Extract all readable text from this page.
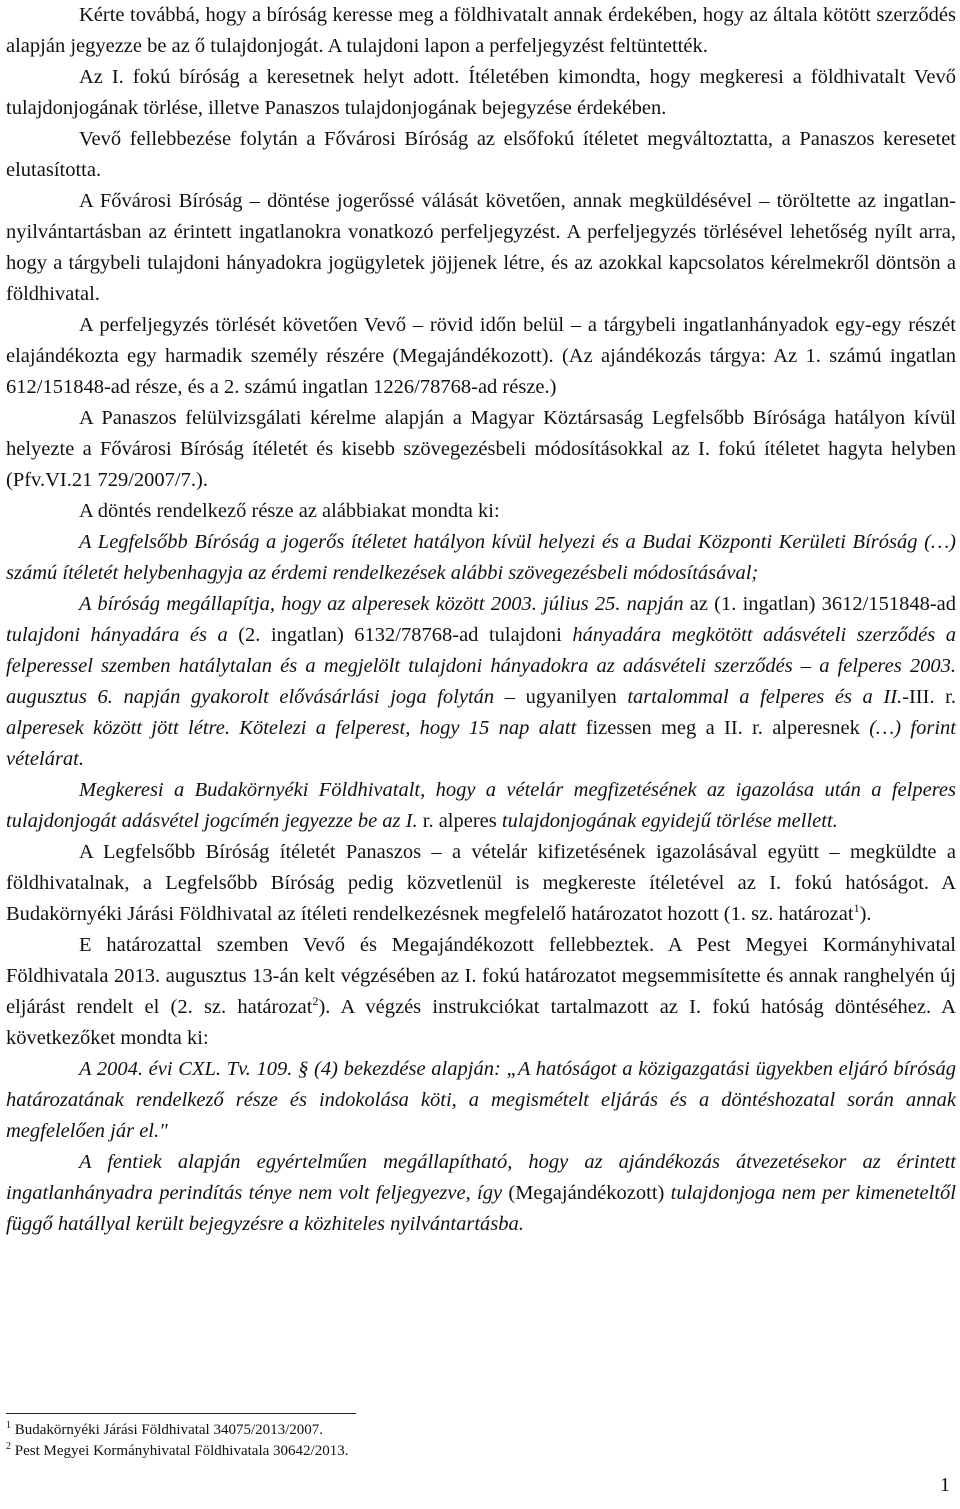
Kérte továbbá, hogy a bíróság keresse meg a földhivatalt annak érdekében, hogy az általa kötött szerződés alapján jegyezze be az ő tulajdonjogát. A tulajdoni lapon a perfeljegyzést feltüntették.

Az I. fokú bíróság a keresetnek helyt adott. Ítéletében kimondta, hogy megkeresi a földhivatalt Vevő tulajdonjogának törlése, illetve Panaszos tulajdonjogának bejegyzése érdekében.

Vevő fellebbezése folytán a Fővárosi Bíróság az elsőfokú ítéletet megváltoztatta, a Panaszos keresetet elutasította.

A Fővárosi Bíróság – döntése jogerőssé válását követően, annak megküldésével – töröltette az ingatlan-nyilvántartásban az érintett ingatlanokra vonatkozó perfeljegyzést. A perfeljegyzés törlésével lehetőség nyílt arra, hogy a tárgybeli tulajdoni hányadokra jogügyletek jöjjenek létre, és az azokkal kapcsolatos kérelmekről döntsön a földhivatal.

A perfeljegyzés törlését követően Vevő – rövid időn belül – a tárgybeli ingatlanhányadok egy-egy részét elajándékozta egy harmadik személy részére (Megajándékozott). (Az ajándékozás tárgya: Az 1. számú ingatlan 612/151848-ad része, és a 2. számú ingatlan 1226/78768-ad része.)

A Panaszos felülvizsgálati kérelme alapján a Magyar Köztársaság Legfelsőbb Bírósága hatályon kívül helyezte a Fővárosi Bíróság ítéletét és kisebb szövegezésbeli módosításokkal az I. fokú ítéletet hagyta helyben (Pfv.VI.21 729/2007/7.).

A döntés rendelkező része az alábbiakat mondta ki:

A Legfelsőbb Bíróság a jogerős ítéletet hatályon kívül helyezi és a Budai Központi Kerületi Bíróság (…) számú ítéletét helybenhagyja az érdemi rendelkezések alábbi szövegezésbeli módosításával;

A bíróság megállapítja, hogy az alperesek között 2003. július 25. napján az (1. ingatlan) 3612/151848-ad tulajdoni hányadára és a (2. ingatlan) 6132/78768-ad tulajdoni hányadára megkötött adásvételi szerződés a felperessel szemben hatálytalan és a megjelölt tulajdoni hányadokra az adásvételi szerződés – a felperes 2003. augusztus 6. napján gyakorolt elővásárlási joga folytán – ugyanilyen tartalommal a felperes és a II.-III. r. alperesek között jött létre. Kötelezi a felperest, hogy 15 nap alatt fizessen meg a II. r. alperesnek (…) forint vételárat.

Megkeresi a Budakörnyéki Földhivatalt, hogy a vételár megfizetésének az igazolása után a felperes tulajdonjogát adásvétel jogcímén jegyezze be az I. r. alperes tulajdonjogának egyidejű törlése mellett.

A Legfelsőbb Bíróság ítéletét Panaszos – a vételár kifizetésének igazolásával együtt – megküldte a földhivatalnak, a Legfelsőbb Bíróság pedig közvetlenül is megkereste ítéletével az I. fokú hatóságot. A Budakörnyéki Járási Földhivatal az ítéleti rendelkezésnek megfelelő határozatot hozott (1. sz. határozat$^1$).

E határozattal szemben Vevő és Megajándékozott fellebbeztek. A Pest Megyei Kormányhivatal Földhivatala 2013. augusztus 13-án kelt végzésében az I. fokú határozatot megsemmisítette és annak ranghelyén új eljárást rendelt el (2. sz. határozat$^2$). A végzés instrukciókat tartalmazott az I. fokú hatóság döntéséhez. A következőket mondta ki:

A 2004. évi CXL. Tv. 109. § (4) bekezdése alapján: „A hatóságot a közigazgatási ügyekben eljáró bíróság határozatának rendelkező része és indokolása köti, a megismételt eljárás és a döntéshozatal során annak megfelelően jár el."

A fentiek alapján egyértelműen megállapítható, hogy az ajándékozás átvezetésekor az érintett ingatlanhányadra perindítás ténye nem volt feljegyezve, így (Megajándékozott) tulajdonjoga nem per kimeneteltől függő hatállyal került bejegyzésre a közhiteles nyilvántartásba.

$^1$ Budakörnyéki Járási Földhivatal 34075/2013/2007.
$^2$ Pest Megyei Kormányhivatal Földhivatala 30642/2013.
1
